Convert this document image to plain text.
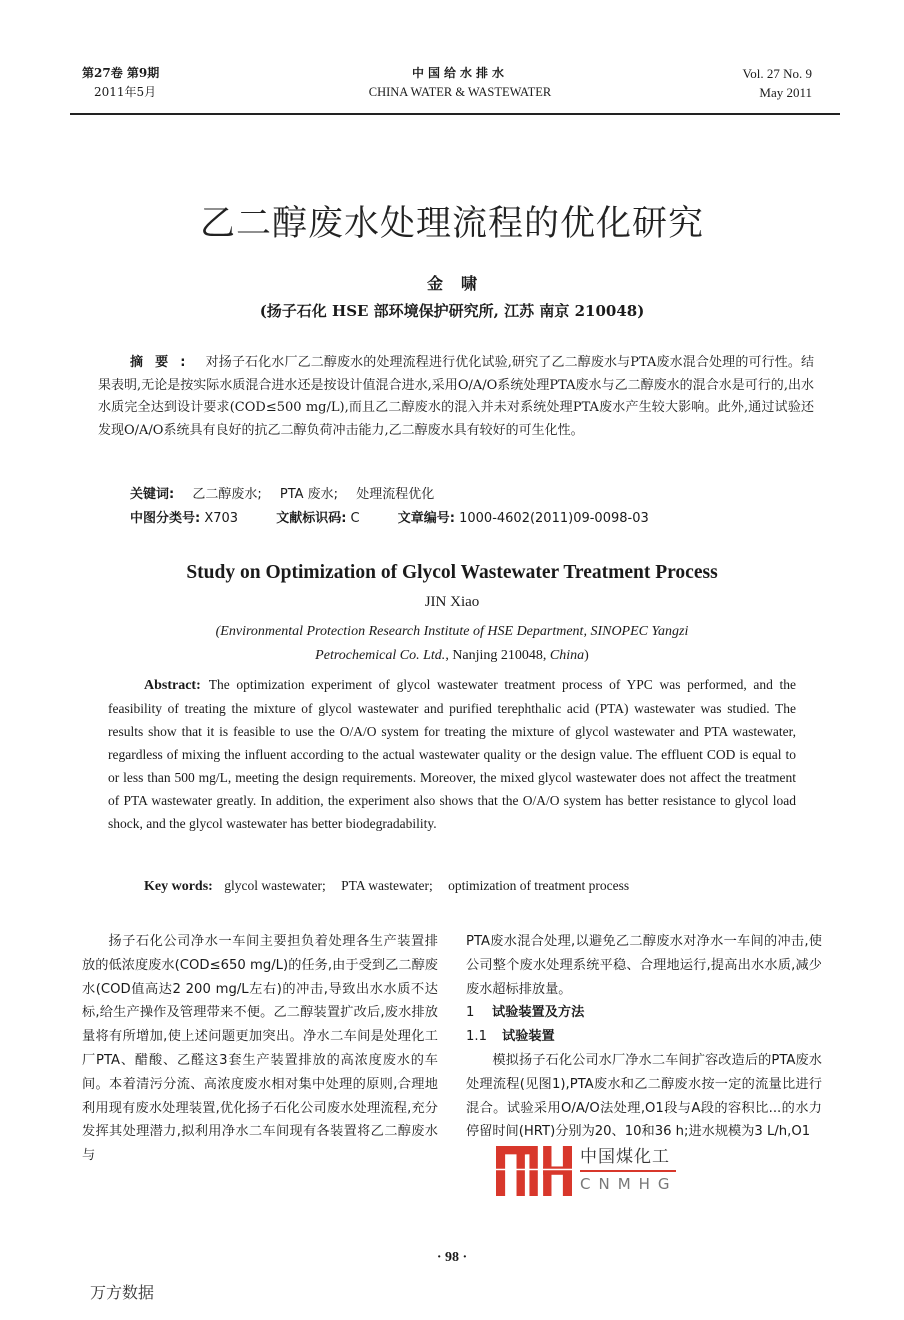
第27卷 第9期
2011年5月
中国给水排水
CHINA WATER & WASTEWATER
Vol. 27 No. 9
May 2011
乙二醇废水处理流程的优化研究
金啸
(扬子石化 HSE 部环境保护研究所, 江苏 南京 210048)
摘要: 对扬子石化水厂乙二醇废水的处理流程进行优化试验,研究了乙二醇废水与PTA废水混合处理的可行性。结果表明,无论是按实际水质混合进水还是按设计值混合进水,采用O/A/O系统处理PTA废水与乙二醇废水的混合水是可行的,出水水质完全达到设计要求(COD≤500 mg/L),而且乙二醇废水的混入并未对系统处理PTA废水产生较大影响。此外,通过试验还发现O/A/O系统具有良好的抗乙二醇负荷冲击能力,乙二醇废水具有较好的可生化性。
关键词: 乙二醇废水; PTA 废水; 处理流程优化
中图分类号: X703	文献标识码: C	文章编号: 1000-4602(2011)09-0098-03
Study on Optimization of Glycol Wastewater Treatment Process
JIN Xiao
(Environmental Protection Research Institute of HSE Department, SINOPEC Yangzi
Petrochemical Co. Ltd., Nanjing 210048, China)
Abstract: The optimization experiment of glycol wastewater treatment process of YPC was performed, and the feasibility of treating the mixture of glycol wastewater and purified terephthalic acid (PTA) wastewater was studied. The results show that it is feasible to use the O/A/O system for treating the mixture of glycol wastewater and PTA wastewater, regardless of mixing the influent according to the actual wastewater quality or the design value. The effluent COD is equal to or less than 500 mg/L, meeting the design requirements. Moreover, the mixed glycol wastewater does not affect the treatment of PTA wastewater greatly. In addition, the experiment also shows that the O/A/O system has better resistance to glycol load shock, and the glycol wastewater has better biodegradability.
Key words: glycol wastewater; PTA wastewater; optimization of treatment process

扬子石化公司净水一车间主要担负着处理各生产装置排放的低浓度废水(COD≤650 mg/L)的任务,由于受到乙二醇废水(COD值高达2 200 mg/L左右)的冲击,导致出水水质不达标,给生产操作及管理带来不便。乙二醇装置扩改后,废水排放量将有所增加,使上述问题更加突出。净水二车间是处理化工厂PTA、醋酸、乙醛这3套生产装置排放的高浓度废水的车间。本着清污分流、高浓度废水相对集中处理的原则,合理地利用现有废水处理装置,优化扬子石化公司废水处理流程,充分发挥其处理潜力,拟利用净水二车间现有各装置将乙二醇废水与

PTA废水混合处理,以避免乙二醇废水对净水一车间的冲击,使公司整个废水处理系统平稳、合理地运行,提高出水水质,减少废水超标排放量。

1 试验装置及方法

1.1 试验装置

模拟扬子石化公司水厂净水二车间扩容改造后的PTA废水处理流程(见图1),PTA废水和乙二醇废水按一定的流量比进行混合。试验采用O/A/O法处理,O1段与A段的容积比...的水力停留时间(HRT)分别为20、10和36 h;进水规模为3 L/h,O1

中国煤化工
CNMHG
· 98 ·
万方数据
